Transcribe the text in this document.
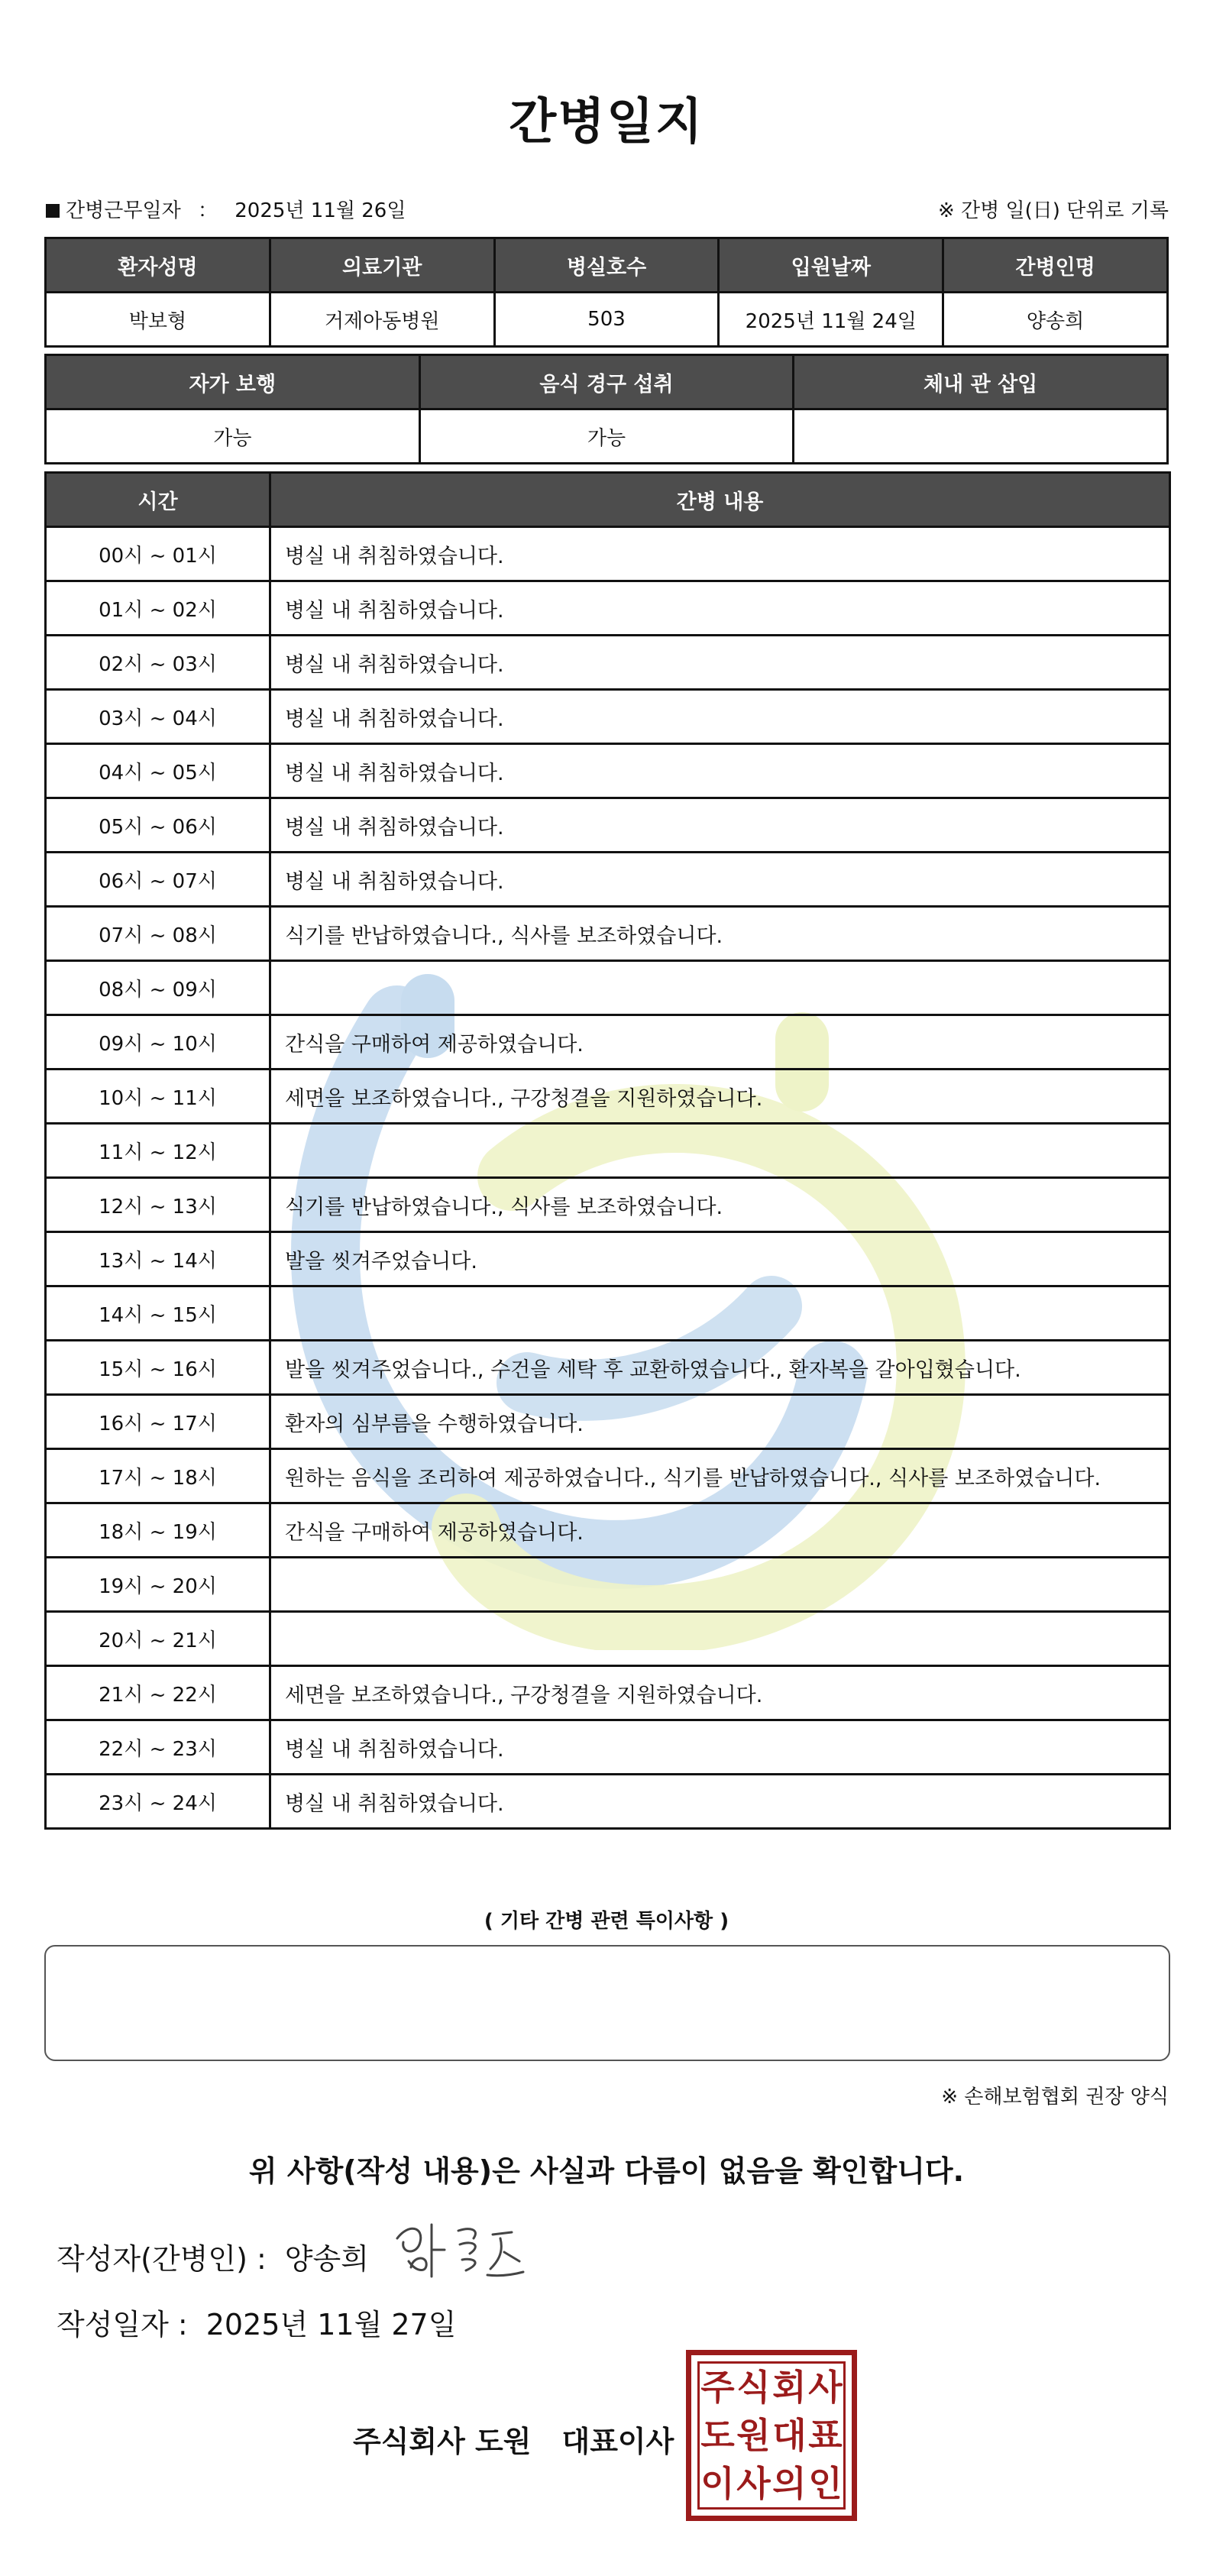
간병일지
간병근무일자 ： 2025년 11월 26일	※ 간병 일(日) 단위로 기록
환자성명	의료기관	병실호수	입원날짜	간병인명
박보형	거제아동병원	503	2025년 11월 24일	양송희
자가 보행	음식 경구 섭취	체내 관 삽입
가능	가능	
시간	간병 내용
00시 ~ 01시	병실 내 취침하였습니다.
01시 ~ 02시	병실 내 취침하였습니다.
02시 ~ 03시	병실 내 취침하였습니다.
03시 ~ 04시	병실 내 취침하였습니다.
04시 ~ 05시	병실 내 취침하였습니다.
05시 ~ 06시	병실 내 취침하였습니다.
06시 ~ 07시	병실 내 취침하였습니다.
07시 ~ 08시	식기를 반납하였습니다., 식사를 보조하였습니다.
08시 ~ 09시	
09시 ~ 10시	간식을 구매하여 제공하였습니다.
10시 ~ 11시	세면을 보조하였습니다., 구강청결을 지원하였습니다.
11시 ~ 12시	
12시 ~ 13시	식기를 반납하였습니다., 식사를 보조하였습니다.
13시 ~ 14시	발을 씻겨주었습니다.
14시 ~ 15시	
15시 ~ 16시	발을 씻겨주었습니다., 수건을 세탁 후 교환하였습니다., 환자복을 갈아입혔습니다.
16시 ~ 17시	환자의 심부름을 수행하였습니다.
17시 ~ 18시	원하는 음식을 조리하여 제공하였습니다., 식기를 반납하였습니다., 식사를 보조하였습니다.
18시 ~ 19시	간식을 구매하여 제공하였습니다.
19시 ~ 20시	
20시 ~ 21시	
21시 ~ 22시	세면을 보조하였습니다., 구강청결을 지원하였습니다.
22시 ~ 23시	병실 내 취침하였습니다.
23시 ~ 24시	병실 내 취침하였습니다.
( 기타 간병 관련 특이사항 )
※ 손해보험협회 권장 양식
위 사항(작성 내용)은 사실과 다름이 없음을 확인합니다.
작성자(간병인) : 양송희
작성일자 : 2025년 11월 27일
주식회사 도원 대표이사
주 식 회 사
도 원 대 표
이 사 의 인
